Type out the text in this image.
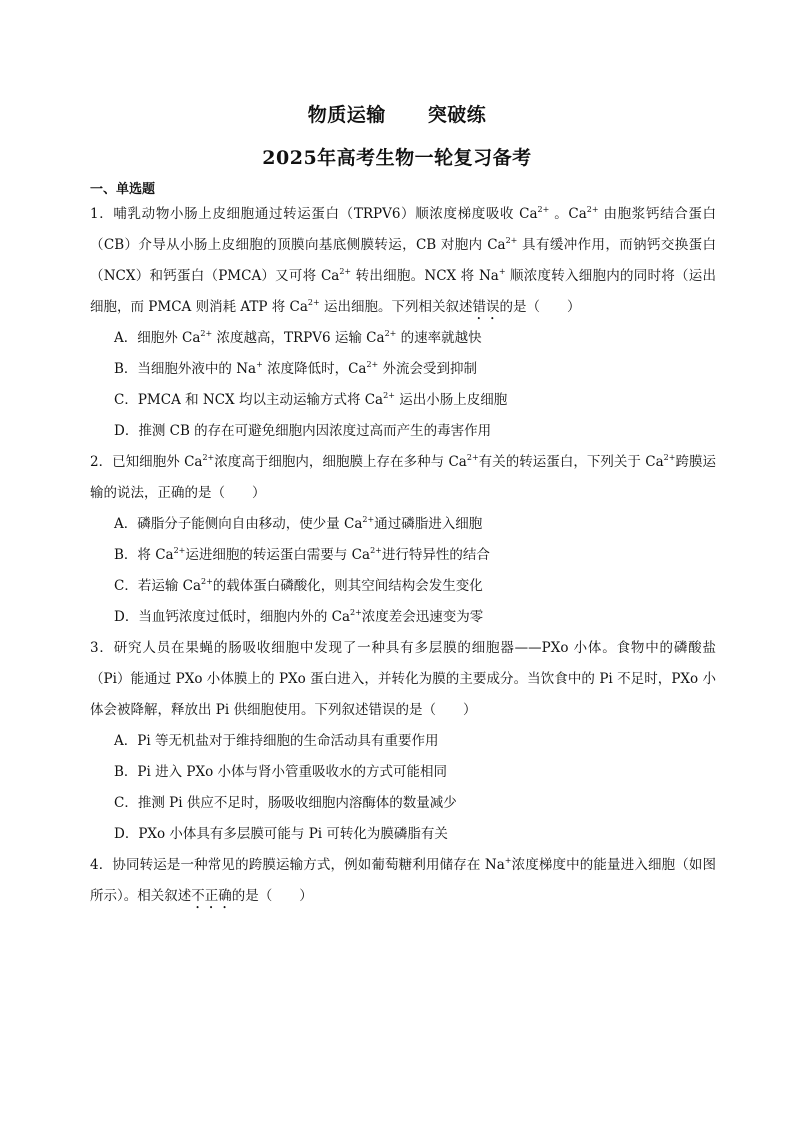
物质运输 突破练
2025年高考生物一轮复习备考
一、单选题

1．哺乳动物小肠上皮细胞通过转运蛋白（TRPV6）顺浓度梯度吸收 $Ca^{2+}$ 。$Ca^{2+}$ 由胞浆钙结合蛋白（CB）介导从小肠上皮细胞的顶膜向基底侧膜转运，CB 对胞内 $Ca^{2+}$ 具有缓冲作用，而钠钙交换蛋白（NCX）和钙蛋白（PMCA）又可将 $Ca^{2+}$ 转出细胞。NCX 将 Na+ 顺浓度转入细胞内的同时将（运出细胞，而 PMCA 则消耗 ATP 将 $Ca^{2+}$ 运出细胞。下列相关叙述错误的是（　　）

A．细胞外 $Ca^{2+}$ 浓度越高，TRPV6 运输 $Ca^{2+}$ 的速率就越快

B．当细胞外液中的 Na+ 浓度降低时，$Ca^{2+}$ 外流会受到抑制

C．PMCA 和 NCX 均以主动运输方式将 $Ca^{2+}$ 运出小肠上皮细胞

D．推测 CB 的存在可避免细胞内因浓度过高而产生的毒害作用

2．已知细胞外 $Ca^{2+}$浓度高于细胞内，细胞膜上存在多种与 $Ca^{2+}$有关的转运蛋白，下列关于 $Ca^{2+}$跨膜运输的说法，正确的是（　　）

A．磷脂分子能侧向自由移动，使少量 $Ca^{2+}$通过磷脂进入细胞

B．将 $Ca^{2+}$运进细胞的转运蛋白需要与 $Ca^{2+}$进行特异性的结合

C．若运输 $Ca^{2+}$的载体蛋白磷酸化，则其空间结构会发生变化

D．当血钙浓度过低时，细胞内外的 $Ca^{2+}$浓度差会迅速变为零

3．研究人员在果蝇的肠吸收细胞中发现了一种具有多层膜的细胞器——PXo 小体。食物中的磷酸盐（Pi）能通过 PXo 小体膜上的 PXo 蛋白进入，并转化为膜的主要成分。当饮食中的 Pi 不足时，PXo 小体会被降解，释放出 Pi 供细胞使用。下列叙述错误的是（　　）

A．Pi 等无机盐对于维持细胞的生命活动具有重要作用

B．Pi 进入 PXo 小体与肾小管重吸收水的方式可能相同

C．推测 Pi 供应不足时，肠吸收细胞内溶酶体的数量减少

D．PXo 小体具有多层膜可能与 Pi 可转化为膜磷脂有关

4．协同转运是一种常见的跨膜运输方式，例如葡萄糖利用储存在 Na+浓度梯度中的能量进入细胞（如图所示）。相关叙述不正确的是（　　）
